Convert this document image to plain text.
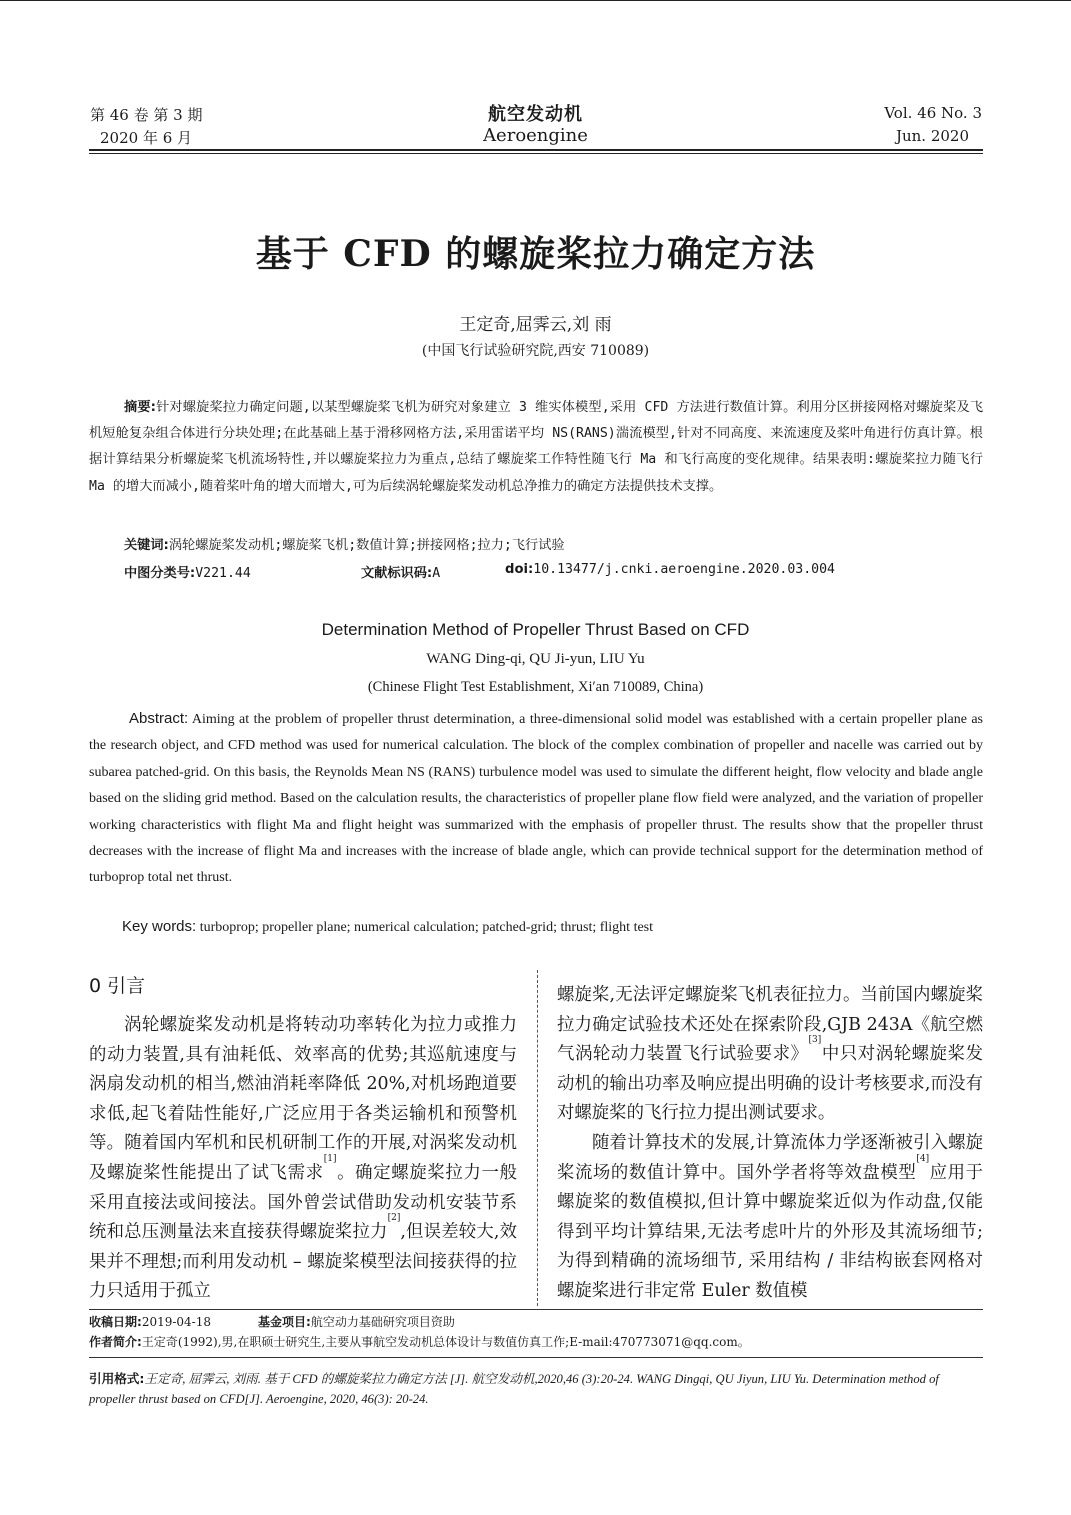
第 46 卷 第 3 期
2020 年 6 月
航空发动机
Aeroengine
Vol. 46 No. 3
Jun. 2020
基于 CFD 的螺旋桨拉力确定方法
王定奇,屈霁云,刘 雨
(中国飞行试验研究院,西安 710089)
摘要:针对螺旋桨拉力确定问题,以某型螺旋桨飞机为研究对象建立 3 维实体模型,采用 CFD 方法进行数值计算。利用分区拼接网格对螺旋桨及飞机短舱复杂组合体进行分块处理;在此基础上基于滑移网格方法,采用雷诺平均 NS(RANS)湍流模型,针对不同高度、来流速度及桨叶角进行仿真计算。根据计算结果分析螺旋桨飞机流场特性,并以螺旋桨拉力为重点,总结了螺旋桨工作特性随飞行 Ma 和飞行高度的变化规律。结果表明:螺旋桨拉力随飞行 Ma 的增大而减小,随着桨叶角的增大而增大,可为后续涡轮螺旋桨发动机总净推力的确定方法提供技术支撑。
关键词:涡轮螺旋桨发动机;螺旋桨飞机;数值计算;拼接网格;拉力;飞行试验
中图分类号:V221.44	文献标识码:A	doi:10.13477/j.cnki.aeroengine.2020.03.004
Determination Method of Propeller Thrust Based on CFD
WANG Ding-qi, QU Ji-yun, LIU Yu
(Chinese Flight Test Establishment, Xi′an 710089, China)
Abstract: Aiming at the problem of propeller thrust determination, a three-dimensional solid model was established with a certain propeller plane as the research object, and CFD method was used for numerical calculation. The block of the complex combination of propeller and nacelle was carried out by subarea patched-grid. On this basis, the Reynolds Mean NS (RANS) turbulence model was used to simulate the different height, flow velocity and blade angle based on the sliding grid method. Based on the calculation results, the characteristics of propeller plane flow field were analyzed, and the variation of propeller working characteristics with flight Ma and flight height was summarized with the emphasis of propeller thrust. The results show that the propeller thrust decreases with the increase of flight Ma and increases with the increase of blade angle, which can provide technical support for the determination method of turboprop total net thrust.
Key words: turboprop; propeller plane; numerical calculation; patched-grid; thrust; flight test
0 引言
涡轮螺旋桨发动机是将转动功率转化为拉力或推力的动力装置,具有油耗低、效率高的优势;其巡航速度与涡扇发动机的相当,燃油消耗率降低 20%,对机场跑道要求低,起飞着陆性能好,广泛应用于各类运输机和预警机等。随着国内军机和民机研制工作的开展,对涡桨发动机及螺旋桨性能提出了试飞需求[1]。确定螺旋桨拉力一般采用直接法或间接法。国外曾尝试借助发动机安装节系统和总压测量法来直接获得螺旋桨拉力[2],但误差较大,效果并不理想;而利用发动机 – 螺旋桨模型法间接获得的拉力只适用于孤立
螺旋桨,无法评定螺旋桨飞机表征拉力。当前国内螺旋桨拉力确定试验技术还处在探索阶段,GJB 243A《航空燃气涡轮动力装置飞行试验要求》[3]中只对涡轮螺旋桨发动机的输出功率及响应提出明确的设计考核要求,而没有对螺旋桨的飞行拉力提出测试要求。
随着计算技术的发展,计算流体力学逐渐被引入螺旋桨流场的数值计算中。国外学者将等效盘模型[4]应用于螺旋桨的数值模拟,但计算中螺旋桨近似为作动盘,仅能得到平均计算结果,无法考虑叶片的外形及其流场细节; 为得到精确的流场细节, 采用结构 / 非结构嵌套网格对螺旋桨进行非定常 Euler 数值模
收稿日期:2019-04-18	基金项目:航空动力基础研究项目资助
作者简介:王定奇(1992),男,在职硕士研究生,主要从事航空发动机总体设计与数值仿真工作;E-mail:470773071@qq.com。
引用格式:王定奇, 屈霁云, 刘雨. 基于 CFD 的螺旋桨拉力确定方法 [J]. 航空发动机,2020,46 (3):20-24. WANG Dingqi, QU Jiyun, LIU Yu. Determination method of propeller thrust based on CFD[J]. Aeroengine, 2020, 46(3): 20-24.
